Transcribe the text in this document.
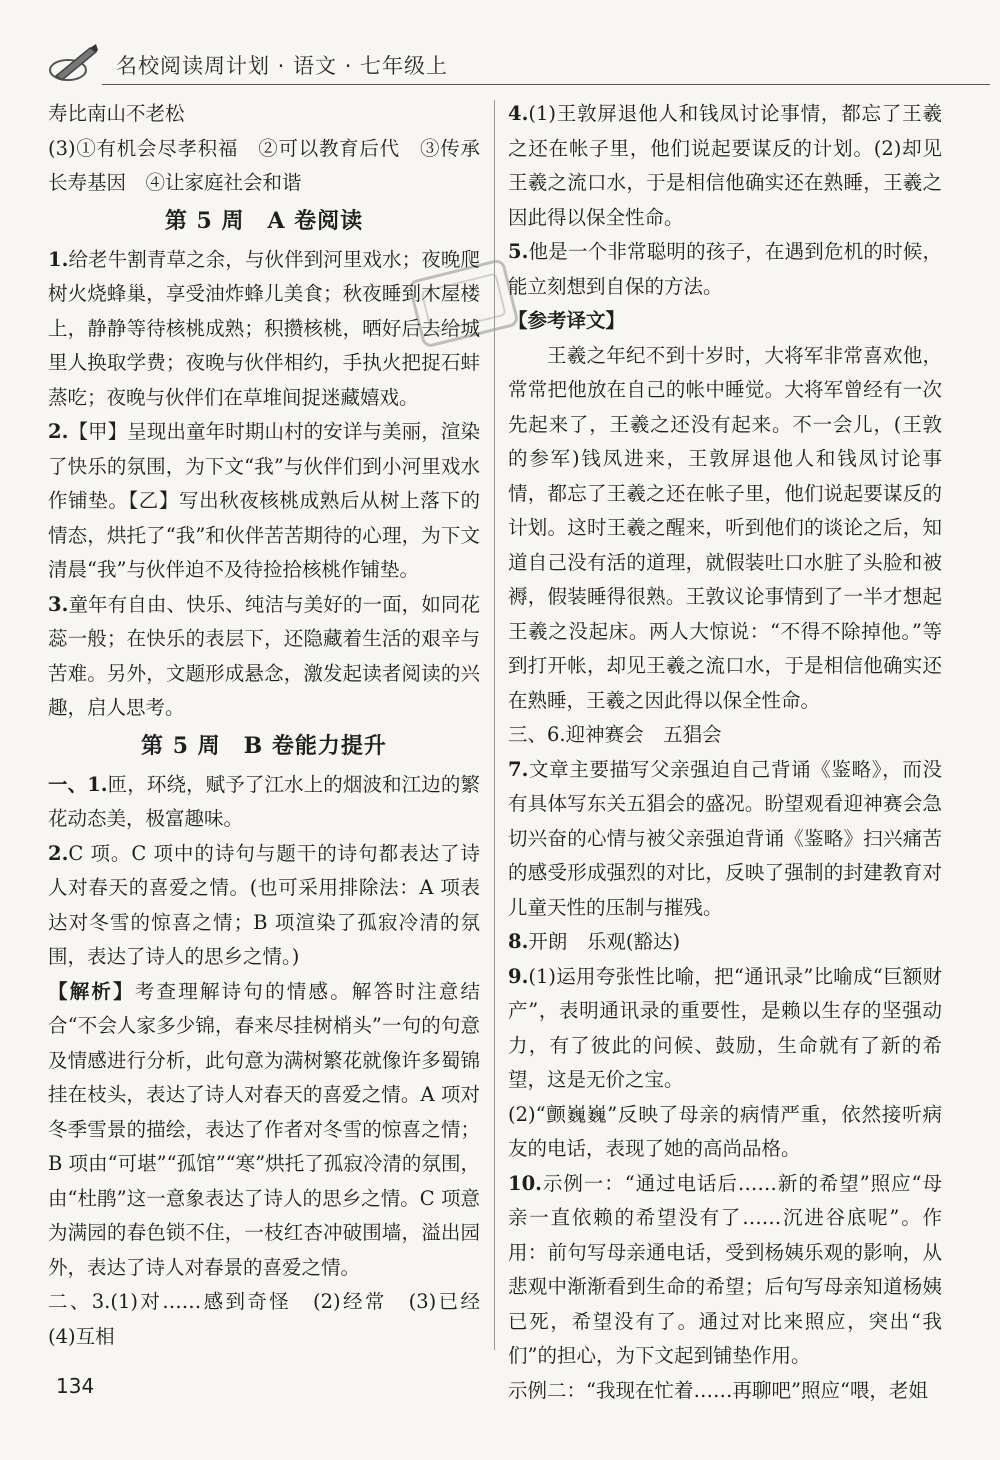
名校阅读周计划 · 语文 · 七年级上

寿比南山不老松

(3)①有机会尽孝积福　②可以教育后代　③传承长寿基因　④让家庭社会和谐

第 5 周　A 卷阅读

1.给老牛割青草之余，与伙伴到河里戏水；夜晚爬树火烧蜂巢，享受油炸蜂儿美食；秋夜睡到木屋楼上，静静等待核桃成熟；积攒核桃，晒好后去给城里人换取学费；夜晚与伙伴相约，手执火把捉石蚌蒸吃；夜晚与伙伴们在草堆间捉迷藏嬉戏。

2.【甲】呈现出童年时期山村的安详与美丽，渲染了快乐的氛围，为下文“我”与伙伴们到小河里戏水作铺垫。【乙】写出秋夜核桃成熟后从树上落下的情态，烘托了“我”和伙伴苦苦期待的心理，为下文清晨“我”与伙伴迫不及待捡拾核桃作铺垫。

3.童年有自由、快乐、纯洁与美好的一面，如同花蕊一般；在快乐的表层下，还隐藏着生活的艰辛与苦难。另外，文题形成悬念，激发起读者阅读的兴趣，启人思考。

第 5 周　B 卷能力提升

一、1.匝，环绕，赋予了江水上的烟波和江边的繁花动态美，极富趣味。

2.C 项。C 项中的诗句与题干的诗句都表达了诗人对春天的喜爱之情。(也可采用排除法：A 项表达对冬雪的惊喜之情；B 项渲染了孤寂冷清的氛围，表达了诗人的思乡之情。)

【解析】考查理解诗句的情感。解答时注意结合“不会人家多少锦，春来尽挂树梢头”一句的句意及情感进行分析，此句意为满树繁花就像许多蜀锦挂在枝头，表达了诗人对春天的喜爱之情。A 项对冬季雪景的描绘，表达了作者对冬雪的惊喜之情；B 项由“可堪”“孤馆”“寒”烘托了孤寂冷清的氛围，由“杜鹃”这一意象表达了诗人的思乡之情。C 项意为满园的春色锁不住，一枝红杏冲破围墙，溢出园外，表达了诗人对春景的喜爱之情。

二、3.(1)对……感到奇怪　(2)经常　(3)已经　(4)互相

4.(1)王敦屏退他人和钱凤讨论事情，都忘了王羲之还在帐子里，他们说起要谋反的计划。(2)却见王羲之流口水，于是相信他确实还在熟睡，王羲之因此得以保全性命。

5.他是一个非常聪明的孩子，在遇到危机的时候，能立刻想到自保的方法。

【参考译文】

王羲之年纪不到十岁时，大将军非常喜欢他，常常把他放在自己的帐中睡觉。大将军曾经有一次先起来了，王羲之还没有起来。不一会儿，(王敦的参军)钱凤进来，王敦屏退他人和钱凤讨论事情，都忘了王羲之还在帐子里，他们说起要谋反的计划。这时王羲之醒来，听到他们的谈论之后，知道自己没有活的道理，就假装吐口水脏了头脸和被褥，假装睡得很熟。王敦议论事情到了一半才想起王羲之没起床。两人大惊说：“不得不除掉他。”等到打开帐，却见王羲之流口水，于是相信他确实还在熟睡，王羲之因此得以保全性命。

三、6.迎神赛会　五猖会

7.文章主要描写父亲强迫自己背诵《鉴略》，而没有具体写东关五猖会的盛况。盼望观看迎神赛会急切兴奋的心情与被父亲强迫背诵《鉴略》扫兴痛苦的感受形成强烈的对比，反映了强制的封建教育对儿童天性的压制与摧残。

8.开朗　乐观(豁达)

9.(1)运用夸张性比喻，把“通讯录”比喻成“巨额财产”，表明通讯录的重要性，是赖以生存的坚强动力，有了彼此的问候、鼓励，生命就有了新的希望，这是无价之宝。

(2)“颤巍巍”反映了母亲的病情严重，依然接听病友的电话，表现了她的高尚品格。

10.示例一：“通过电话后……新的希望”照应“母亲一直依赖的希望没有了……沉进谷底呢”。作用：前句写母亲通电话，受到杨姨乐观的影响，从悲观中渐渐看到生命的希望；后句写母亲知道杨姨已死，希望没有了。通过对比来照应，突出“我们”的担心，为下文起到铺垫作用。

示例二：“我现在忙着……再聊吧”照应“喂，老姐

134
